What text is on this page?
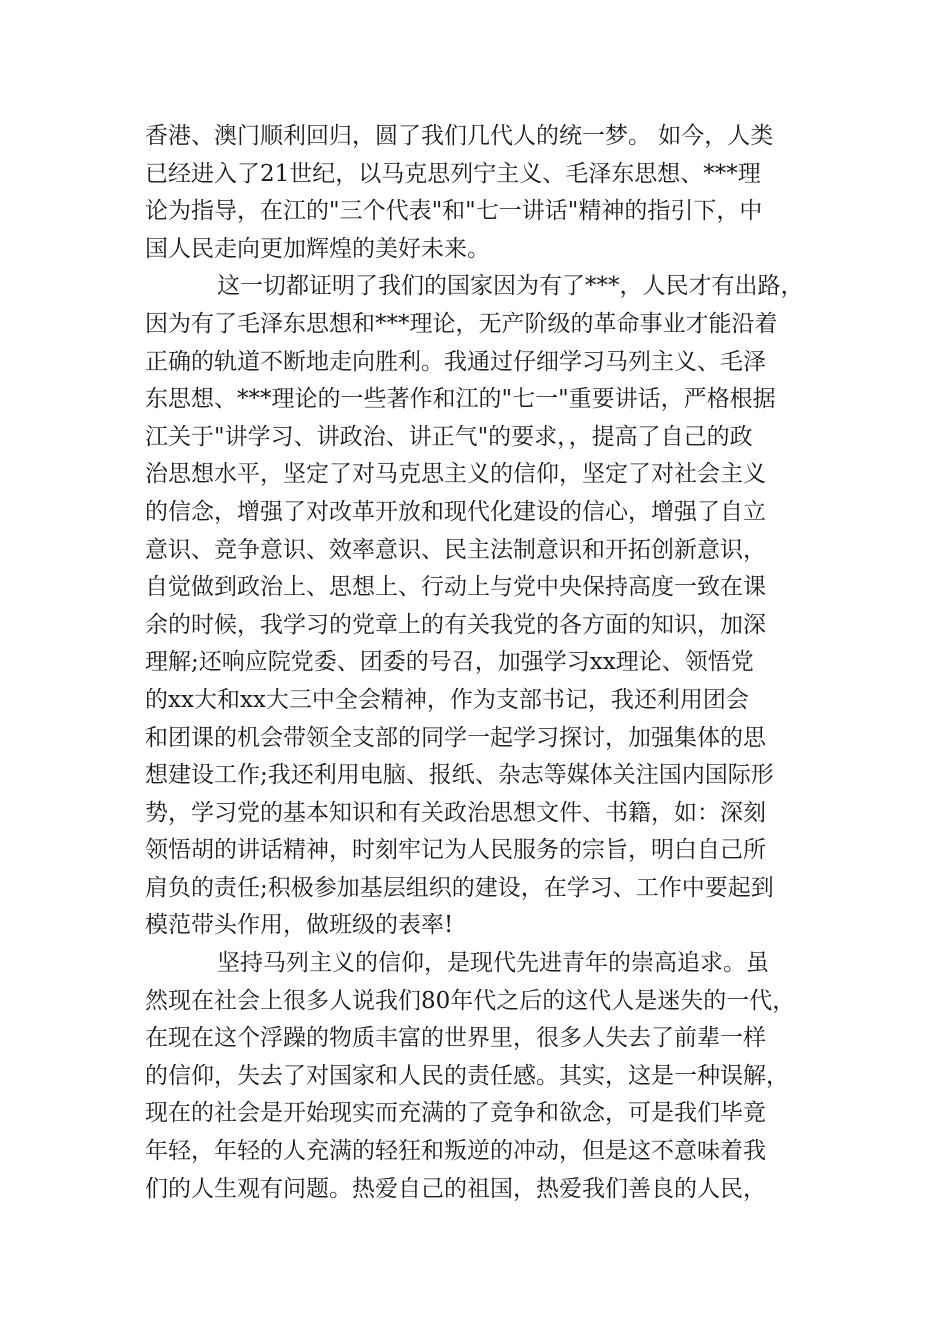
香港、澳门顺利回归，圆了我们几代人的统一梦。 如今，人类
已经进入了21世纪，以马克思列宁主义、毛泽东思想、***理
论为指导，在江的"三个代表"和"七一讲话"精神的指引下，中
国人民走向更加辉煌的美好未来。
这一切都证明了我们的国家因为有了***，人民才有出路，
因为有了毛泽东思想和***理论，无产阶级的革命事业才能沿着
正确的轨道不断地走向胜利。我通过仔细学习马列主义、毛泽
东思想、***理论的一些著作和江的"七一"重要讲话，严格根据
江关于"讲学习、讲政治、讲正气"的要求，，提高了自己的政
治思想水平，坚定了对马克思主义的信仰，坚定了对社会主义
的信念，增强了对改革开放和现代化建设的信心，增强了自立
意识、竞争意识、效率意识、民主法制意识和开拓创新意识，
自觉做到政治上、思想上、行动上与党中央保持高度一致在课
余的时候，我学习的党章上的有关我党的各方面的知识，加深
理解;还响应院党委、团委的号召，加强学习xx理论、领悟党
的xx大和xx大三中全会精神，作为支部书记，我还利用团会
和团课的机会带领全支部的同学一起学习探讨，加强集体的思
想建设工作;我还利用电脑、报纸、杂志等媒体关注国内国际形
势，学习党的基本知识和有关政治思想文件、书籍，如：深刻
领悟胡的讲话精神，时刻牢记为人民服务的宗旨，明白自己所
肩负的责任;积极参加基层组织的建设，在学习、工作中要起到
模范带头作用，做班级的表率!
坚持马列主义的信仰，是现代先进青年的崇高追求。虽
然现在社会上很多人说我们80年代之后的这代人是迷失的一代，
在现在这个浮躁的物质丰富的世界里，很多人失去了前辈一样
的信仰，失去了对国家和人民的责任感。其实，这是一种误解，
现在的社会是开始现实而充满的了竞争和欲念，可是我们毕竟
年轻，年轻的人充满的轻狂和叛逆的冲动，但是这不意味着我
们的人生观有问题。热爱自己的祖国，热爱我们善良的人民，
